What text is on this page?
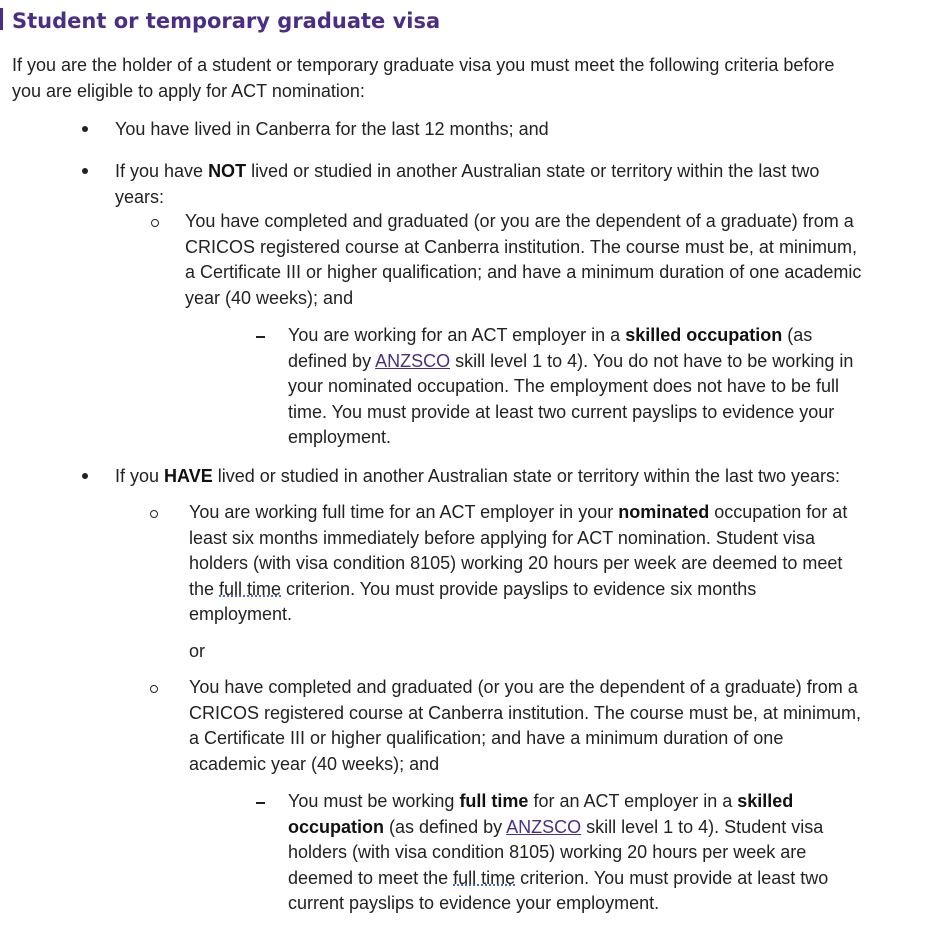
Student or temporary graduate visa
If you are the holder of a student or temporary graduate visa you must meet the following criteria before
you are eligible to apply for ACT nomination:
You have lived in Canberra for the last 12 months; and
If you have NOT lived or studied in another Australian state or territory within the last two
years:
You have completed and graduated (or you are the dependent of a graduate) from a
CRICOS registered course at Canberra institution. The course must be, at minimum,
a Certificate III or higher qualification; and have a minimum duration of one academic
year (40 weeks); and
You are working for an ACT employer in a skilled occupation (as
defined by ANZSCO skill level 1 to 4). You do not have to be working in
your nominated occupation. The employment does not have to be full
time. You must provide at least two current payslips to evidence your
employment.
If you HAVE lived or studied in another Australian state or territory within the last two years:
You are working full time for an ACT employer in your nominated occupation for at
least six months immediately before applying for ACT nomination. Student visa
holders (with visa condition 8105) working 20 hours per week are deemed to meet
the full time criterion. You must provide payslips to evidence six months
employment.
or
You have completed and graduated (or you are the dependent of a graduate) from a
CRICOS registered course at Canberra institution. The course must be, at minimum,
a Certificate III or higher qualification; and have a minimum duration of one
academic year (40 weeks); and
You must be working full time for an ACT employer in a skilled
occupation (as defined by ANZSCO skill level 1 to 4). Student visa
holders (with visa condition 8105) working 20 hours per week are
deemed to meet the full time criterion. You must provide at least two
current payslips to evidence your employment.
